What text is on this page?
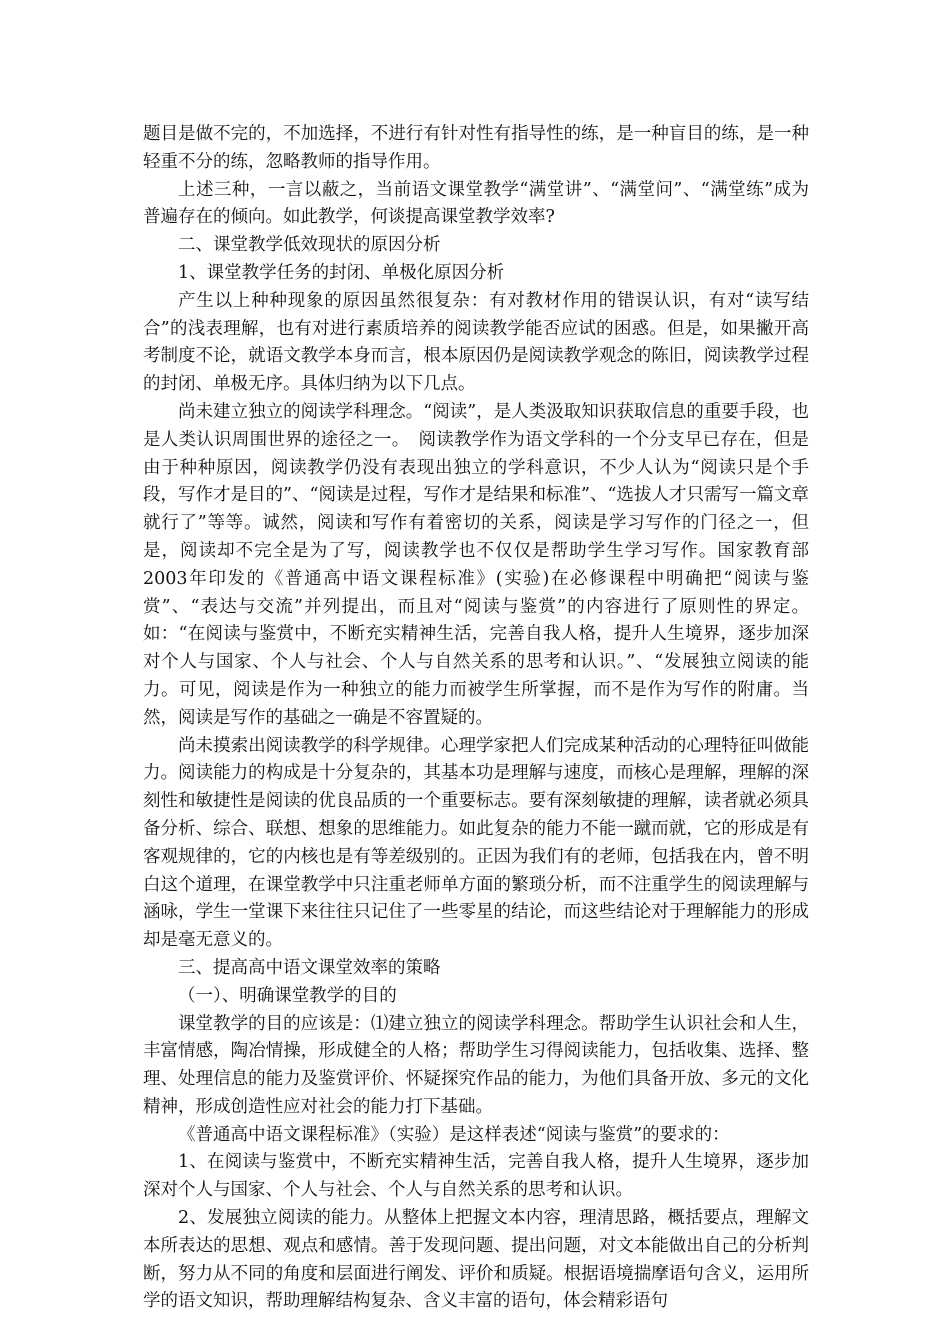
题目是做不完的，不加选择，不进行有针对性有指导性的练，是一种盲目的练，是一种轻重不分的练，忽略教师的指导作用。

上述三种，一言以蔽之，当前语文课堂教学“满堂讲”、“满堂问”、“满堂练”成为普遍存在的倾向。如此教学，何谈提高课堂教学效率?

二、课堂教学低效现状的原因分析

1、课堂教学任务的封闭、单极化原因分析

产生以上种种现象的原因虽然很复杂：有对教材作用的错误认识，有对“读写结合”的浅表理解，也有对进行素质培养的阅读教学能否应试的困惑。但是，如果撇开高考制度不论，就语文教学本身而言，根本原因仍是阅读教学观念的陈旧，阅读教学过程的封闭、单极无序。具体归纳为以下几点。

尚未建立独立的阅读学科理念。“阅读”，是人类汲取知识获取信息的重要手段，也是人类认识周围世界的途径之一。　阅读教学作为语文学科的一个分支早已存在，但是由于种种原因，阅读教学仍没有表现出独立的学科意识，不少人认为“阅读只是个手段，写作才是目的”、“阅读是过程，写作才是结果和标准”、“选拔人才只需写一篇文章就行了”等等。诚然，阅读和写作有着密切的关系，阅读是学习写作的门径之一，但是，阅读却不完全是为了写，阅读教学也不仅仅是帮助学生学习写作。国家教育部2003年印发的《普通高中语文课程标准》(实验)在必修课程中明确把“阅读与鉴赏”、“表达与交流”并列提出，而且对“阅读与鉴赏”的内容进行了原则性的界定。如：“在阅读与鉴赏中，不断充实精神生活，完善自我人格，提升人生境界，逐步加深对个人与国家、个人与社会、个人与自然关系的思考和认识。”、“发展独立阅读的能力。可见，阅读是作为一种独立的能力而被学生所掌握，而不是作为写作的附庸。当然，阅读是写作的基础之一确是不容置疑的。

尚未摸索出阅读教学的科学规律。心理学家把人们完成某种活动的心理特征叫做能力。阅读能力的构成是十分复杂的，其基本功是理解与速度，而核心是理解，理解的深刻性和敏捷性是阅读的优良品质的一个重要标志。要有深刻敏捷的理解，读者就必须具备分析、综合、联想、想象的思维能力。如此复杂的能力不能一蹴而就，它的形成是有客观规律的，它的内核也是有等差级别的。正因为我们有的老师，包括我在内，曾不明白这个道理，在课堂教学中只注重老师单方面的繁琐分析，而不注重学生的阅读理解与涵咏，学生一堂课下来往往只记住了一些零星的结论，而这些结论对于理解能力的形成却是毫无意义的。

三、提高高中语文课堂效率的策略

（一）、明确课堂教学的目的

课堂教学的目的应该是：⑴建立独立的阅读学科理念。帮助学生认识社会和人生，丰富情感，陶冶情操，形成健全的人格；帮助学生习得阅读能力，包括收集、选择、整理、处理信息的能力及鉴赏评价、怀疑探究作品的能力，为他们具备开放、多元的文化精神，形成创造性应对社会的能力打下基础。

《普通高中语文课程标准》（实验）是这样表述“阅读与鉴赏”的要求的：

1、在阅读与鉴赏中，不断充实精神生活，完善自我人格，提升人生境界，逐步加深对个人与国家、个人与社会、个人与自然关系的思考和认识。

2、发展独立阅读的能力。从整体上把握文本内容，理清思路，概括要点，理解文本所表达的思想、观点和感情。善于发现问题、提出问题，对文本能做出自己的分析判断，努力从不同的角度和层面进行阐发、评价和质疑。根据语境揣摩语句含义，运用所学的语文知识，帮助理解结构复杂、含义丰富的语句，体会精彩语句
